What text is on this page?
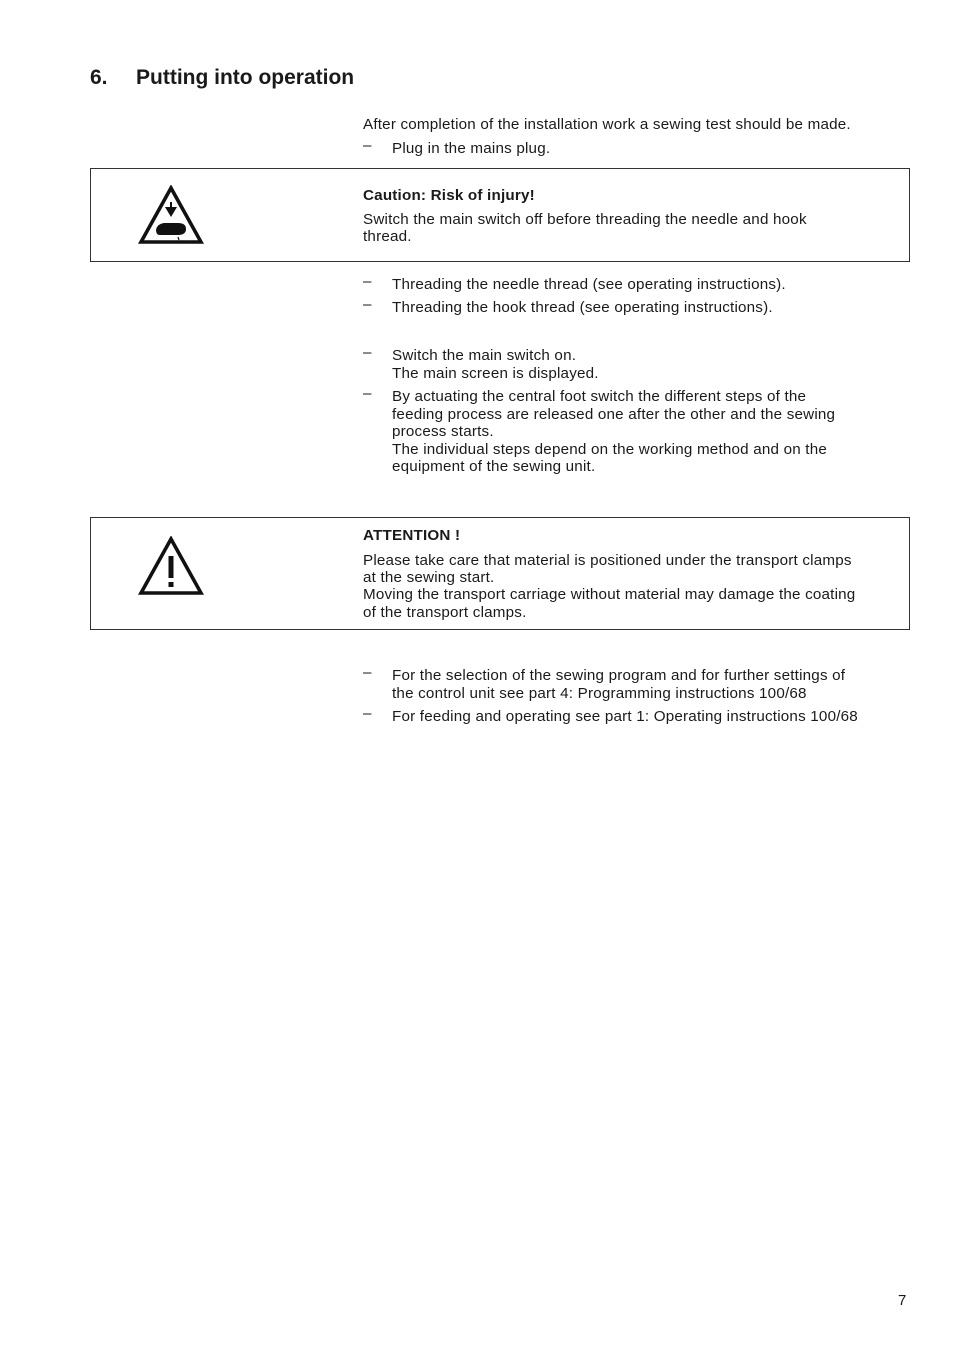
6. Putting into operation

After completion of the installation work a sewing test should be made.

– Plug in the mains plug.
Caution: Risk of injury!
Switch the main switch off before threading the needle and hook
thread.
– Threading the needle thread (see operating instructions).
– Threading the hook thread (see operating instructions).
– Switch the main switch on.
The main screen is displayed.
– By actuating the central foot switch the different steps of the
feeding process are released one after the other and the sewing
process starts.
The individual steps depend on the working method and on the
equipment of the sewing unit.
ATTENTION !
Please take care that material is positioned under the transport clamps
at the sewing start.
Moving the transport carriage without material may damage the coating
of the transport clamps.
– For the selection of the sewing program and for further settings of
the control unit see part 4: Programming instructions 100/68
– For feeding and operating see part 1: Operating instructions 100/68
7
